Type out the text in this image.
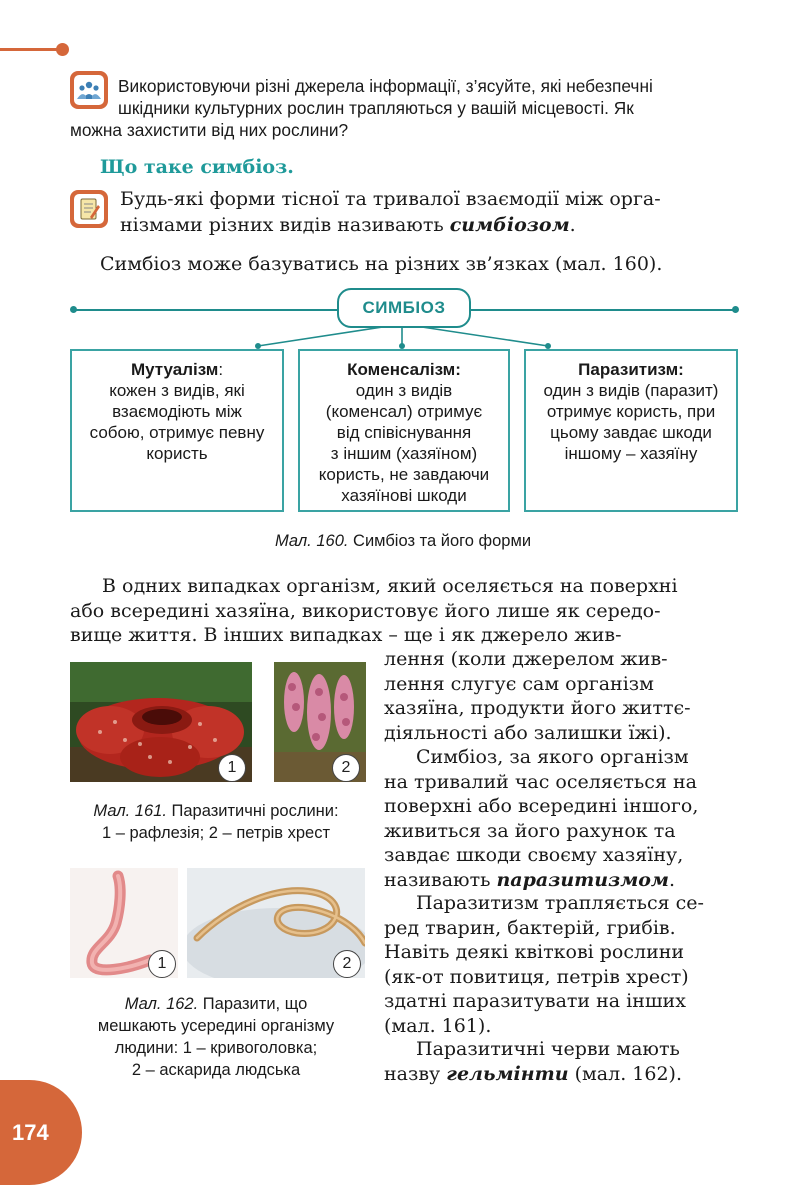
Використовуючи різні джерела інформації, з’ясуйте, які небезпечні
шкідники культурних рослин трапляються у вашій місцевості. Як
можна захистити від них рослини?
Що таке симбіоз.
Будь-які форми тісної та тривалої взаємодії між орга-
нізмами різних видів називають симбіозом.
Симбіоз може базуватись на різних зв’язках (мал. 160).
СИМБІОЗ
Мутуалізм:
кожен з видів, які
взаємодіють між
собою, отримує певну
користь
Коменсалізм:
один з видів
(коменсал) отримує
від співіснування
з іншим (хазяїном)
користь, не завдаючи
хазяїнові шкоди
Паразитизм:
один з видів (паразит)
отримує користь, при
цьому завдає шкоди
іншому – хазяїну
Мал. 160. Симбіоз та його форми
В одних випадках організм, який оселяється на поверхні
або всередині хазяїна, використовує його лише як середо-
вище життя. В інших випадках – ще і як джерело жив-
лення (коли джерелом жив-
лення слугує сам організм
хазяїна, продукти його життє-
діяльності або залишки їжі).
Симбіоз, за якого організм
на тривалий час оселяється на
поверхні або всередині іншого,
живиться за його рахунок та
завдає шкоди своєму хазяїну,
називають паразитизмом.
Паразитизм трапляється се-
ред тварин, бактерій, грибів.
Навіть деякі квіткові рослини
(як-от повитиця, петрів хрест)
здатні паразитувати на інших
(мал. 161).
Паразитичні черви мають
назву гельмінти (мал. 162).
1	2
Мал. 161. Паразитичні рослини:
1 – рафлезія; 2 – петрів хрест
1	2
Мал. 162. Паразити, що
мешкають усередині організму
людини: 1 – кривоголовка;
2 – аскарида людська
174
